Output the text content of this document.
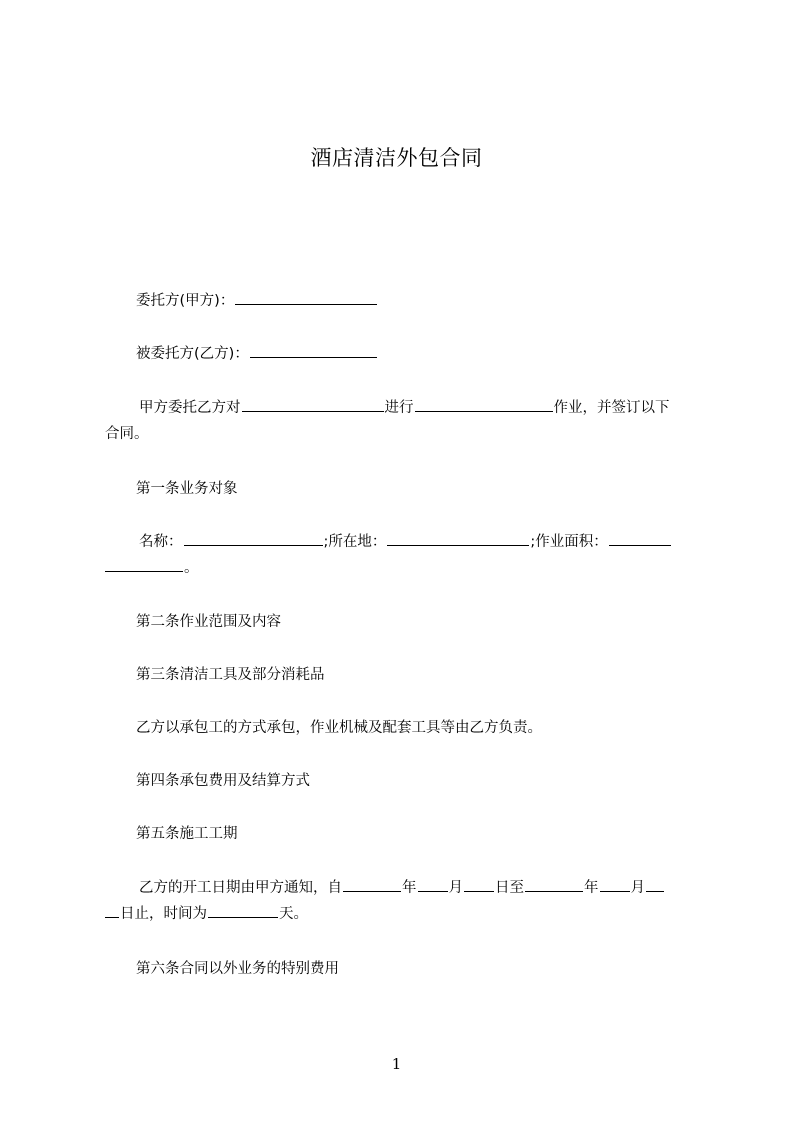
酒店清洁外包合同
委托方(甲方)：
被委托方(乙方)：
甲方委托乙方对	进行	作业，并签订以下
合同。
第一条业务对象
名称：	;所在地：	;作业面积：
。
第二条作业范围及内容
第三条清洁工具及部分消耗品
乙方以承包工的方式承包，作业机械及配套工具等由乙方负责。
第四条承包费用及结算方式
第五条施工工期
乙方的开工日期由甲方通知，自	年 月 日至	年 月
日止，时间为	天。
第六条合同以外业务的特别费用
1
